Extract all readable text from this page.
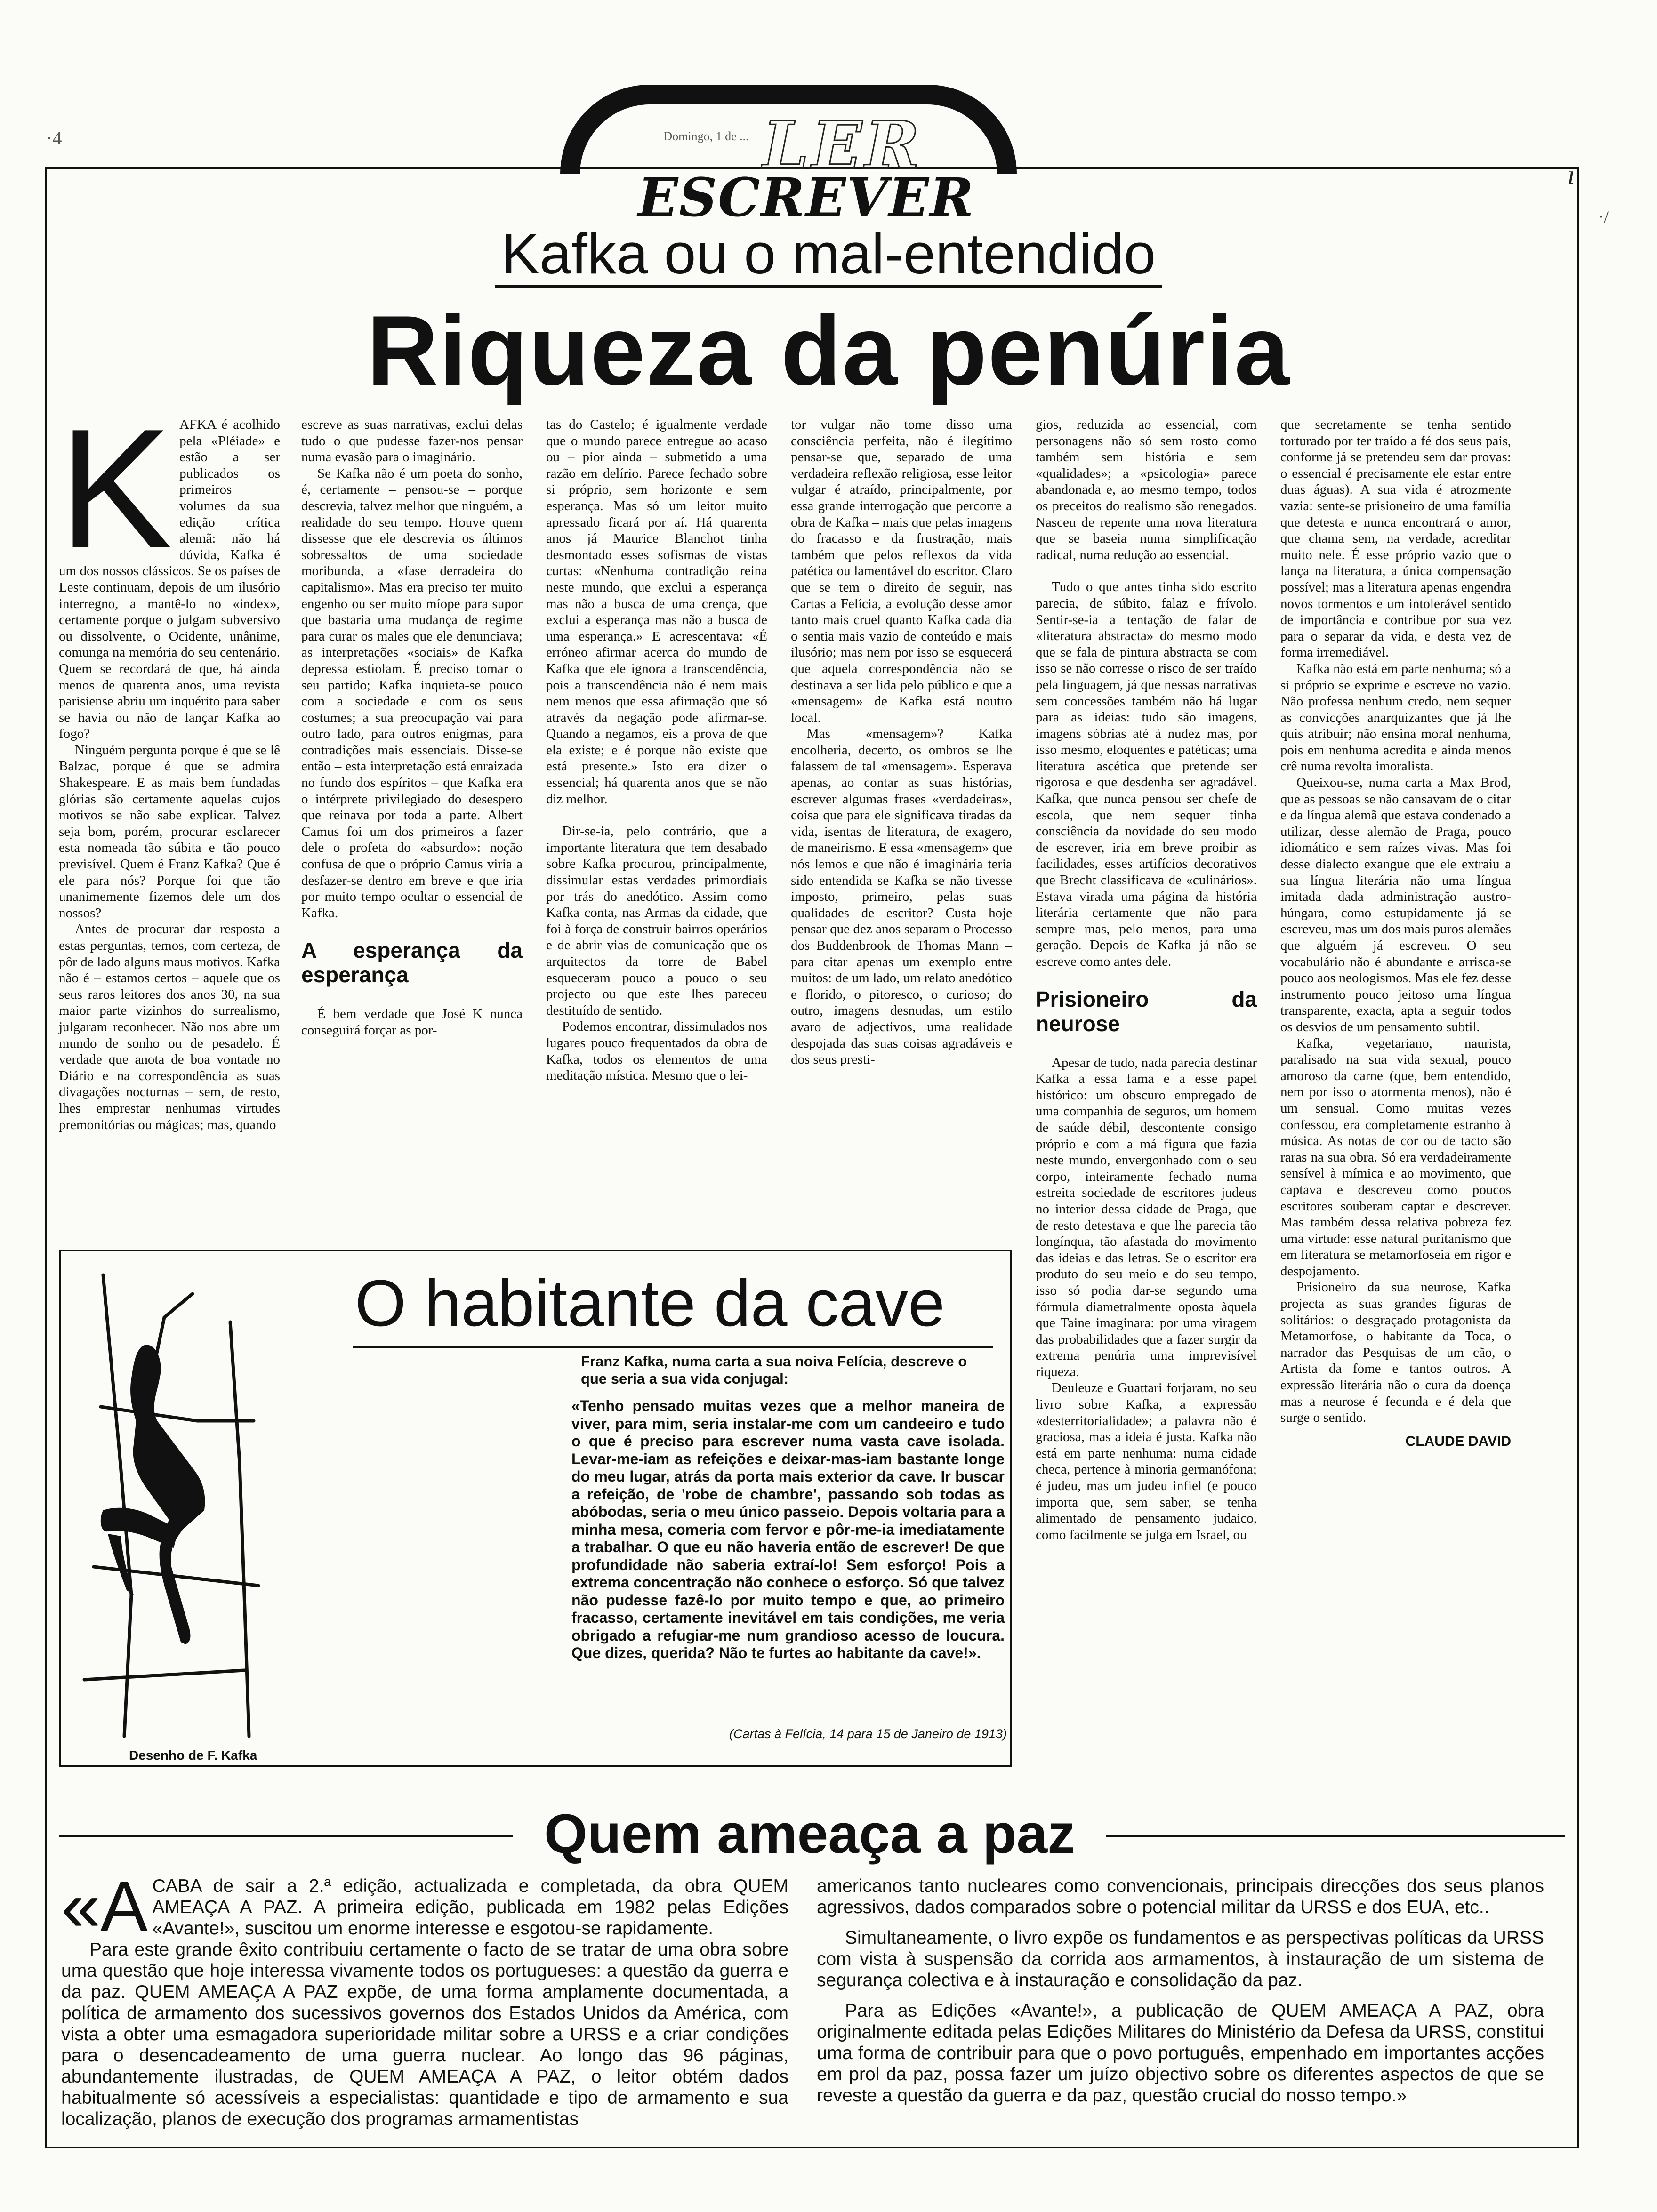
·4
ı
·/
Domingo, 1 de ... LER
ESCREVER
Kafka ou o mal-entendido
Riqueza da penúria

KAFKA é acolhido pela «Pléiade» e estão a ser publicados os primeiros volumes da sua edição crítica alemã: não há dúvida, Kafka é um dos nossos clássicos. Se os países de Leste continuam, depois de um ilusório interregno, a mantê-lo no «index», certamente porque o julgam subversivo ou dissolvente, o Ocidente, unânime, comunga na memória do seu centenário. Quem se recordará de que, há ainda menos de quarenta anos, uma revista parisiense abriu um inquérito para saber se havia ou não de lançar Kafka ao fogo?

Ninguém pergunta porque é que se lê Balzac, porque é que se admira Shakespeare. E as mais bem fundadas glórias são certamente aquelas cujos motivos se não sabe explicar. Talvez seja bom, porém, procurar esclarecer esta nomeada tão súbita e tão pouco previsível. Quem é Franz Kafka? Que é ele para nós? Porque foi que tão unanimemente fizemos dele um dos nossos?

Antes de procurar dar resposta a estas perguntas, temos, com certeza, de pôr de lado alguns maus motivos. Kafka não é – estamos certos – aquele que os seus raros leitores dos anos 30, na sua maior parte vizinhos do surrealismo, julgaram reconhecer. Não nos abre um mundo de sonho ou de pesadelo. É verdade que anota de boa vontade no Diário e na correspondência as suas divagações nocturnas – sem, de resto, lhes emprestar nenhumas virtudes premonitórias ou mágicas; mas, quando

escreve as suas narrativas, exclui delas tudo o que pudesse fazer-nos pensar numa evasão para o imaginário.

Se Kafka não é um poeta do sonho, é, certamente – pensou-se – porque descrevia, talvez melhor que ninguém, a realidade do seu tempo. Houve quem dissesse que ele descrevia os últimos sobressaltos de uma sociedade moribunda, a «fase derradeira do capitalismo». Mas era preciso ter muito engenho ou ser muito míope para supor que bastaria uma mudança de regime para curar os males que ele denunciava; as interpretações «sociais» de Kafka depressa estiolam. É preciso tomar o seu partido; Kafka inquieta-se pouco com a sociedade e com os seus costumes; a sua preocupação vai para outro lado, para outros enigmas, para contradições mais essenciais. Disse-se então – esta interpretação está enraizada no fundo dos espíritos – que Kafka era o intérprete privilegiado do desespero que reinava por toda a parte. Albert Camus foi um dos primeiros a fazer dele o profeta do «absurdo»: noção confusa de que o próprio Camus viria a desfazer-se dentro em breve e que iria por muito tempo ocultar o essencial de Kafka.

A esperança da esperança

É bem verdade que José K nunca conseguirá forçar as por-

tas do Castelo; é igualmente verdade que o mundo parece entregue ao acaso ou – pior ainda – submetido a uma razão em delírio. Parece fechado sobre si próprio, sem horizonte e sem esperança. Mas só um leitor muito apressado ficará por aí. Há quarenta anos já Maurice Blanchot tinha desmontado esses sofismas de vistas curtas: «Nenhuma contradição reina neste mundo, que exclui a esperança mas não a busca de uma crença, que exclui a esperança mas não a busca de uma esperança.» E acrescentava: «É erróneo afirmar acerca do mundo de Kafka que ele ignora a transcendência, pois a transcendência não é nem mais nem menos que essa afirmação que só através da negação pode afirmar-se. Quando a negamos, eis a prova de que ela existe; e é porque não existe que está presente.» Isto era dizer o essencial; há quarenta anos que se não diz melhor.

Dir-se-ia, pelo contrário, que a importante literatura que tem desabado sobre Kafka procurou, principalmente, dissimular estas verdades primordiais por trás do anedótico. Assim como Kafka conta, nas Armas da cidade, que foi à força de construir bairros operários e de abrir vias de comunicação que os arquitectos da torre de Babel esqueceram pouco a pouco o seu projecto ou que este lhes pareceu destituído de sentido.

Podemos encontrar, dissimulados nos lugares pouco frequentados da obra de Kafka, todos os elementos de uma meditação mística. Mesmo que o lei-

tor vulgar não tome disso uma consciência perfeita, não é ilegítimo pensar-se que, separado de uma verdadeira reflexão religiosa, esse leitor vulgar é atraído, principalmente, por essa grande interrogação que percorre a obra de Kafka – mais que pelas imagens do fracasso e da frustração, mais também que pelos reflexos da vida patética ou lamentável do escritor. Claro que se tem o direito de seguir, nas Cartas a Felícia, a evolução desse amor tanto mais cruel quanto Kafka cada dia o sentia mais vazio de conteúdo e mais ilusório; mas nem por isso se esquecerá que aquela correspondência não se destinava a ser lida pelo público e que a «mensagem» de Kafka está noutro local.

Mas «mensagem»? Kafka encolheria, decerto, os ombros se lhe falassem de tal «mensagem». Esperava apenas, ao contar as suas histórias, escrever algumas frases «verdadeiras», coisa que para ele significava tiradas da vida, isentas de literatura, de exagero, de maneirismo. E essa «mensagem» que nós lemos e que não é imaginária teria sido entendida se Kafka se não tivesse imposto, primeiro, pelas suas qualidades de escritor? Custa hoje pensar que dez anos separam o Processo dos Buddenbrook de Thomas Mann – para citar apenas um exemplo entre muitos: de um lado, um relato anedótico e florido, o pitoresco, o curioso; do outro, imagens desnudas, um estilo avaro de adjectivos, uma realidade despojada das suas coisas agradáveis e dos seus presti-

gios, reduzida ao essencial, com personagens não só sem rosto como também sem história e sem «qualidades»; a «psicologia» parece abandonada e, ao mesmo tempo, todos os preceitos do realismo são renegados. Nasceu de repente uma nova literatura que se baseia numa simplificação radical, numa redução ao essencial.

Tudo o que antes tinha sido escrito parecia, de súbito, falaz e frívolo. Sentir-se-ia a tentação de falar de «literatura abstracta» do mesmo modo que se fala de pintura abstracta se com isso se não corresse o risco de ser traído pela linguagem, já que nessas narrativas sem concessões também não há lugar para as ideias: tudo são imagens, imagens sóbrias até à nudez mas, por isso mesmo, eloquentes e patéticas; uma literatura ascética que pretende ser rigorosa e que desdenha ser agradável. Kafka, que nunca pensou ser chefe de escola, que nem sequer tinha consciência da novidade do seu modo de escrever, iria em breve proibir as facilidades, esses artifícios decorativos que Brecht classificava de «culinários». Estava virada uma página da história literária certamente que não para sempre mas, pelo menos, para uma geração. Depois de Kafka já não se escreve como antes dele.

Prisioneiro da neurose

Apesar de tudo, nada parecia destinar Kafka a essa fama e a esse papel histórico: um obscuro empregado de uma companhia de seguros, um homem de saúde débil, descontente consigo próprio e com a má figura que fazia neste mundo, envergonhado com o seu corpo, inteiramente fechado numa estreita sociedade de escritores judeus no interior dessa cidade de Praga, que de resto detestava e que lhe parecia tão longínqua, tão afastada do movimento das ideias e das letras. Se o escritor era produto do seu meio e do seu tempo, isso só podia dar-se segundo uma fórmula diametralmente oposta àquela que Taine imaginara: por uma viragem das probabilidades que a fazer surgir da extrema penúria uma imprevisível riqueza.

Deuleuze e Guattari forjaram, no seu livro sobre Kafka, a expressão «desterritorialidade»; a palavra não é graciosa, mas a ideia é justa. Kafka não está em parte nenhuma: numa cidade checa, pertence à minoria germanófona; é judeu, mas um judeu infiel (e pouco importa que, sem saber, se tenha alimentado de pensamento judaico, como facilmente se julga em Israel, ou

que secretamente se tenha sentido torturado por ter traído a fé dos seus pais, conforme já se pretendeu sem dar provas: o essencial é precisamente ele estar entre duas águas). A sua vida é atrozmente vazia: sente-se prisioneiro de uma família que detesta e nunca encontrará o amor, que chama sem, na verdade, acreditar muito nele. É esse próprio vazio que o lança na literatura, a única compensação possível; mas a literatura apenas engendra novos tormentos e um intolerável sentido de importância e contribue por sua vez para o separar da vida, e desta vez de forma irremediável.

Kafka não está em parte nenhuma; só a si próprio se exprime e escreve no vazio. Não professa nenhum credo, nem sequer as convicções anarquizantes que já lhe quis atribuir; não ensina moral nenhuma, pois em nenhuma acredita e ainda menos crê numa revolta imoralista.

Queixou-se, numa carta a Max Brod, que as pessoas se não cansavam de o citar e da língua alemã que estava condenado a utilizar, desse alemão de Praga, pouco idiomático e sem raízes vivas. Mas foi desse dialecto exangue que ele extraiu a sua língua literária não uma língua imitada dada administração austro-húngara, como estupidamente já se escreveu, mas um dos mais puros alemães que alguém já escreveu. O seu vocabulário não é abundante e arrisca-se pouco aos neologismos. Mas ele fez desse instrumento pouco jeitoso uma língua transparente, exacta, apta a seguir todos os desvios de um pensamento subtil.

Kafka, vegetariano, naurista, paralisado na sua vida sexual, pouco amoroso da carne (que, bem entendido, nem por isso o atormenta menos), não é um sensual. Como muitas vezes confessou, era completamente estranho à música. As notas de cor ou de tacto são raras na sua obra. Só era verdadeiramente sensível à mímica e ao movimento, que captava e descreveu como poucos escritores souberam captar e descrever. Mas também dessa relativa pobreza fez uma virtude: esse natural puritanismo que em literatura se metamorfoseia em rigor e despojamento.

Prisioneiro da sua neurose, Kafka projecta as suas grandes figuras de solitários: o desgraçado protagonista da Metamorfose, o habitante da Toca, o narrador das Pesquisas de um cão, o Artista da fome e tantos outros. A expressão literária não o cura da doença mas a neurose é fecunda e é dela que surge o sentido.

CLAUDE DAVID

Desenho de F. Kafka
O habitante da cave

Franz Kafka, numa carta a sua noiva Felícia, descreve o que seria a sua vida conjugal:

«Tenho pensado muitas vezes que a melhor maneira de viver, para mim, seria instalar-me com um candeeiro e tudo o que é preciso para escrever numa vasta cave isolada. Levar-me-iam as refeições e deixar-mas-iam bastante longe do meu lugar, atrás da porta mais exterior da cave. Ir buscar a refeição, de 'robe de chambre', passando sob todas as abóbodas, seria o meu único passeio. Depois voltaria para a minha mesa, comeria com fervor e pôr-me-ia imediatamente a trabalhar. O que eu não haveria então de escrever! De que profundidade não saberia extraí-lo! Sem esforço! Pois a extrema concentração não conhece o esforço. Só que talvez não pudesse fazê-lo por muito tempo e que, ao primeiro fracasso, certamente inevitável em tais condições, me veria obrigado a refugiar-me num grandioso acesso de loucura. Que dizes, querida? Não te furtes ao habitante da cave!».

(Cartas à Felícia, 14 para 15 de Janeiro de 1913)

Quem ameaça a paz

«A CABA de sair a 2.ª edição, actualizada e completada, da obra QUEM AMEAÇA A PAZ. A primeira edição, publicada em 1982 pelas Edições «Avante!», suscitou um enorme interesse e esgotou-se rapidamente.

Para este grande êxito contribuiu certamente o facto de se tratar de uma obra sobre uma questão que hoje interessa vivamente todos os portugueses: a questão da guerra e da paz. QUEM AMEAÇA A PAZ expõe, de uma forma amplamente documentada, a política de armamento dos sucessivos governos dos Estados Unidos da América, com vista a obter uma esmagadora superioridade militar sobre a URSS e a criar condições para o desencadeamento de uma guerra nuclear. Ao longo das 96 páginas, abundantemente ilustradas, de QUEM AMEAÇA A PAZ, o leitor obtém dados habitualmente só acessíveis a especialistas: quantidade e tipo de armamento e sua localização, planos de execução dos programas armamentistas

americanos tanto nucleares como convencionais, principais direcções dos seus planos agressivos, dados comparados sobre o potencial militar da URSS e dos EUA, etc..

Simultaneamente, o livro expõe os fundamentos e as perspectivas políticas da URSS com vista à suspensão da corrida aos armamentos, à instauração de um sistema de segurança colectiva e à instauração e consolidação da paz.

Para as Edições «Avante!», a publicação de QUEM AMEAÇA A PAZ, obra originalmente editada pelas Edições Militares do Ministério da Defesa da URSS, constitui uma forma de contribuir para que o povo português, empenhado em importantes acções em prol da paz, possa fazer um juízo objectivo sobre os diferentes aspectos de que se reveste a questão da guerra e da paz, questão crucial do nosso tempo.»
